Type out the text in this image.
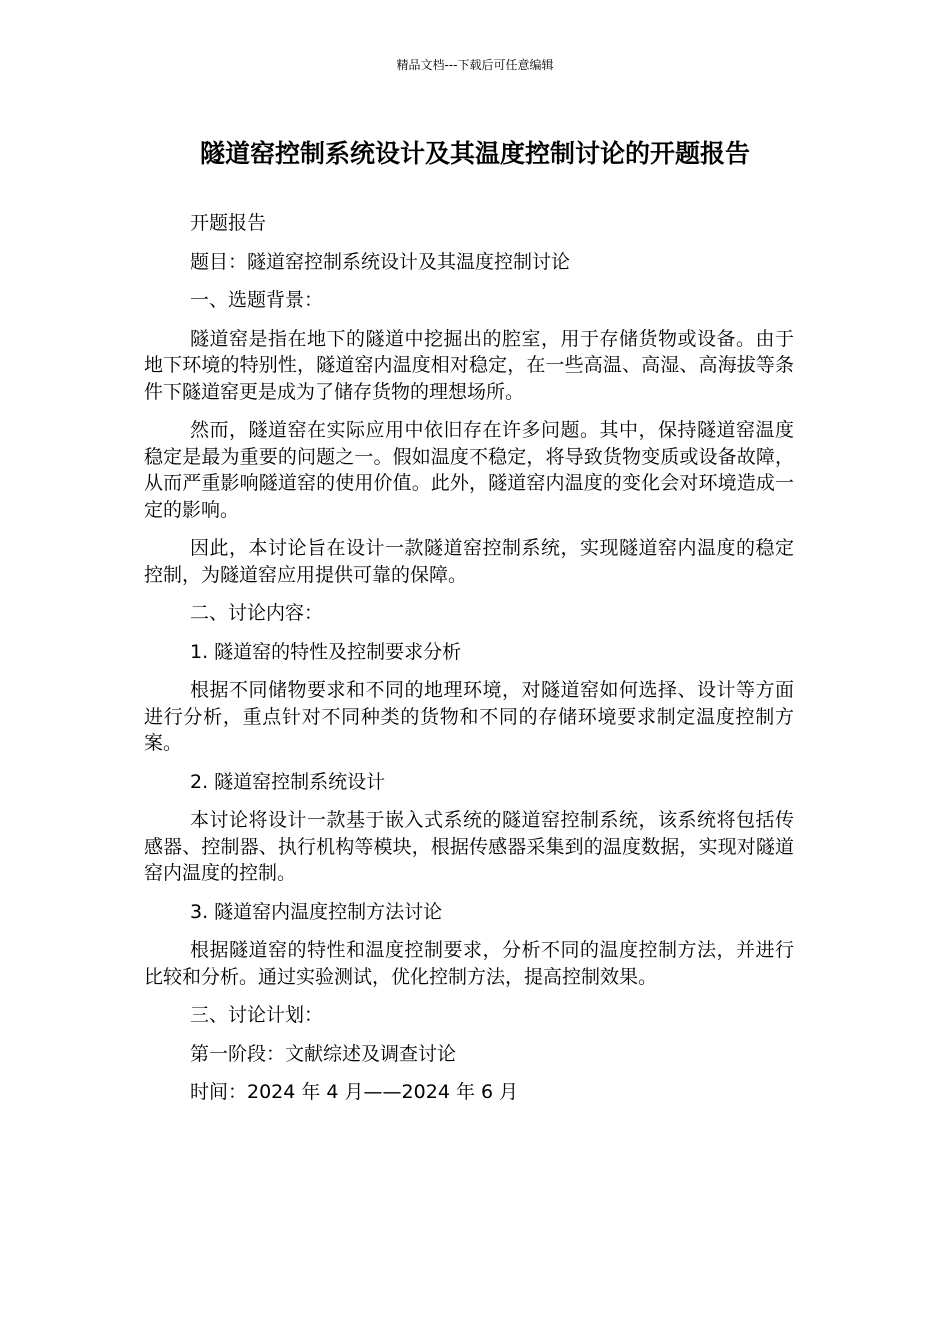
精品文档---下载后可任意编辑
隧道窑控制系统设计及其温度控制讨论的开题报告

开题报告

题目：隧道窑控制系统设计及其温度控制讨论

一、选题背景：

隧道窑是指在地下的隧道中挖掘出的腔室，用于存储货物或设备。由于地下环境的特别性，隧道窑内温度相对稳定，在一些高温、高湿、高海拔等条件下隧道窑更是成为了储存货物的理想场所。

然而，隧道窑在实际应用中依旧存在许多问题。其中，保持隧道窑温度稳定是最为重要的问题之一。假如温度不稳定，将导致货物变质或设备故障，从而严重影响隧道窑的使用价值。此外，隧道窑内温度的变化会对环境造成一定的影响。

因此，本讨论旨在设计一款隧道窑控制系统，实现隧道窑内温度的稳定控制，为隧道窑应用提供可靠的保障。

二、讨论内容：

1. 隧道窑的特性及控制要求分析

根据不同储物要求和不同的地理环境，对隧道窑如何选择、设计等方面进行分析，重点针对不同种类的货物和不同的存储环境要求制定温度控制方案。

2. 隧道窑控制系统设计

本讨论将设计一款基于嵌入式系统的隧道窑控制系统，该系统将包括传感器、控制器、执行机构等模块，根据传感器采集到的温度数据，实现对隧道窑内温度的控制。

3. 隧道窑内温度控制方法讨论

根据隧道窑的特性和温度控制要求，分析不同的温度控制方法，并进行比较和分析。通过实验测试，优化控制方法，提高控制效果。

三、讨论计划：

第一阶段：文献综述及调查讨论

时间：2024 年 4 月——2024 年 6 月
